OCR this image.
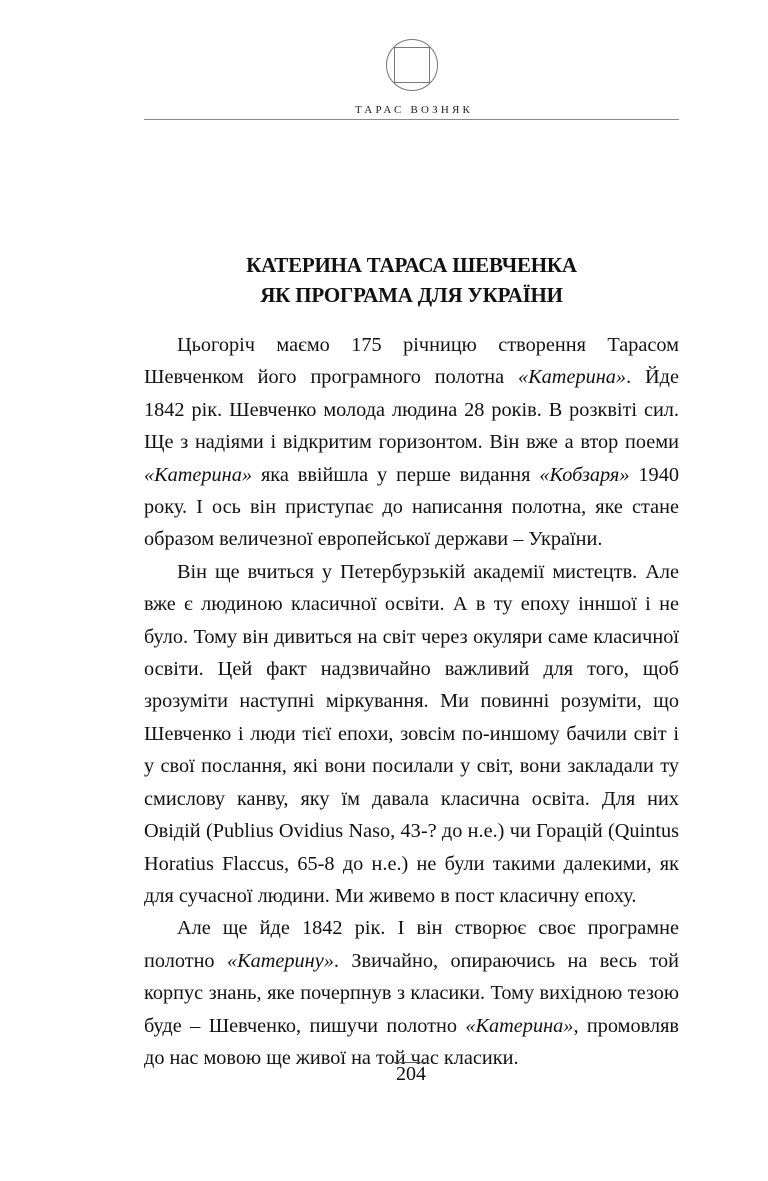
ТАРАС ВОЗНЯК
КАТЕРИНА ТАРАСА ШЕВЧЕНКА
ЯК ПРОГРАМА ДЛЯ УКРАЇНИ

Цьогоріч маємо 175 річницю створення Тарасом Шевченком його програмного полотна «Катерина». Йде 1842 рік. Шевченко молода людина 28 років. В розквіті сил. Ще з надіями і відкритим горизонтом. Він вже а втор поеми «Катерина» яка ввійшла у перше видання «Кобзаря» 1940 року. І ось він приступає до написання полотна, яке стане образом величезної европейської держави – України.

Він ще вчиться у Петербурзькій академії мистецтв. Але вже є людиною класичної освіти. А в ту епоху інншої і не було. Тому він дивиться на світ через окуляри саме класичної освіти. Цей факт надзвичайно важливий для того, щоб зрозуміти наступні міркування. Ми повинні розуміти, що Шевченко і люди тієї епохи, зовсім по-иншому бачили світ і у свої послання, які вони посилали у світ, вони закладали ту смислову канву, яку їм давала класична освіта. Для них Овідій (Publius Ovidius Naso, 43-? до н.е.) чи Горацій (Quintus Horatius Flaccus, 65-8 до н.е.) не були такими далекими, як для сучасної людини. Ми живемо в пост класичну епоху.

Але ще йде 1842 рік. І він створює своє програмне полотно «Катерину». Звичайно, опираючись на весь той корпус знань, яке почерпнув з класики. Тому вихідною тезою буде – Шевченко, пишучи полотно «Катерина», промовляв до нас мовою ще живої на той час класики.

204
